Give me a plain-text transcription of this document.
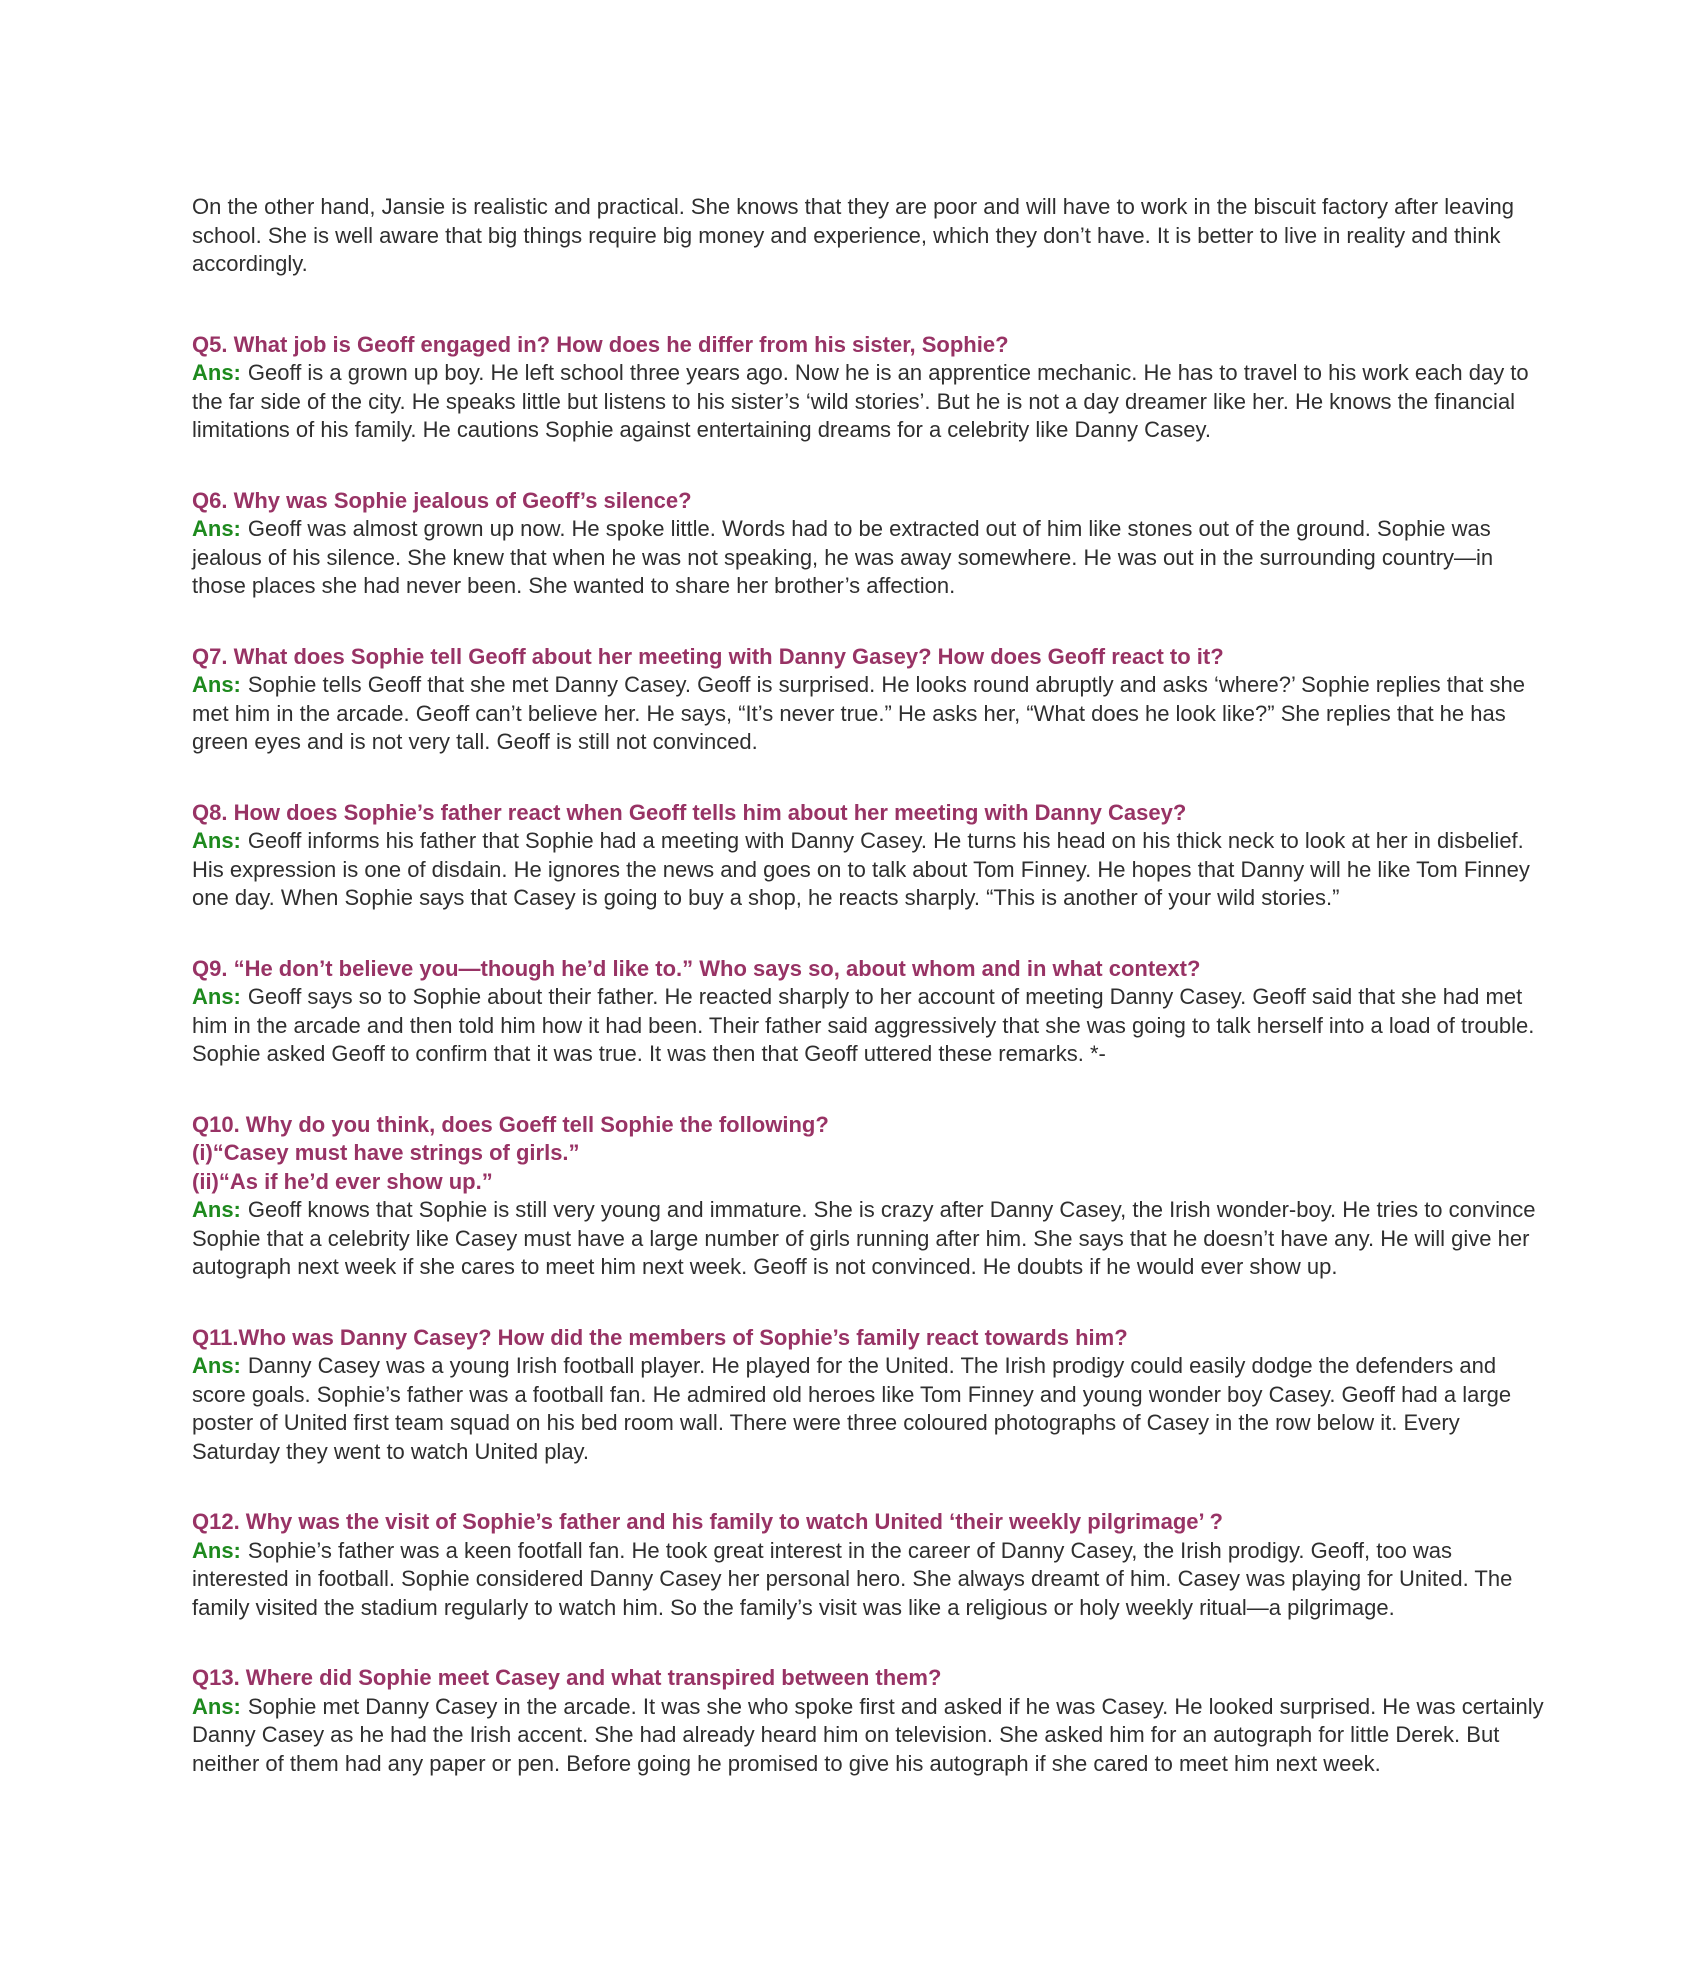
On the other hand, Jansie is realistic and practical. She knows that they are poor and will have to work in the biscuit factory after leaving school. She is well aware that big things require big money and experience, which they don’t have. It is better to live in reality and think accordingly.

Q5. What job is Geoff engaged in? How does he differ from his sister, Sophie?

Ans: Geoff is a grown up boy. He left school three years ago. Now he is an apprentice mechanic. He has to travel to his work each day to the far side of the city. He speaks little but listens to his sister’s ‘wild stories’. But he is not a day dreamer like her. He knows the financial limitations of his family. He cautions Sophie against entertaining dreams for a celebrity like Danny Casey.

Q6. Why was Sophie jealous of Geoff’s silence?

Ans: Geoff was almost grown up now. He spoke little. Words had to be extracted out of him like stones out of the ground. Sophie was jealous of his silence. She knew that when he was not speaking, he was away somewhere. He was out in the surrounding country—in those places she had never been. She wanted to share her brother’s affection.

Q7. What does Sophie tell Geoff about her meeting with Danny Gasey? How does Geoff react to it?

Ans: Sophie tells Geoff that she met Danny Casey. Geoff is surprised. He looks round abruptly and asks ‘where?’ Sophie replies that she met him in the arcade. Geoff can’t believe her. He says, “It’s never true.” He asks her, “What does he look like?” She replies that he has green eyes and is not very tall. Geoff is still not convinced.

Q8. How does Sophie’s father react when Geoff tells him about her meeting with Danny Casey?

Ans: Geoff informs his father that Sophie had a meeting with Danny Casey. He turns his head on his thick neck to look at her in disbelief. His expression is one of disdain. He ignores the news and goes on to talk about Tom Finney. He hopes that Danny will he like Tom Finney one day. When Sophie says that Casey is going to buy a shop, he reacts sharply. “This is another of your wild stories.”

Q9. “He don’t believe you—though he’d like to.” Who says so, about whom and in what context?

Ans: Geoff says so to Sophie about their father. He reacted sharply to her account of meeting Danny Casey. Geoff said that she had met him in the arcade and then told him how it had been. Their father said aggressively that she was going to talk herself into a load of trouble. Sophie asked Geoff to confirm that it was true. It was then that Geoff uttered these remarks. *-

Q10. Why do you think, does Goeff tell Sophie the following?
(i)“Casey must have strings of girls.”
(ii)“As if he’d ever show up.”

Ans: Geoff knows that Sophie is still very young and immature. She is crazy after Danny Casey, the Irish wonder-boy. He tries to convince Sophie that a celebrity like Casey must have a large number of girls running after him. She says that he doesn’t have any. He will give her autograph next week if she cares to meet him next week. Geoff is not convinced. He doubts if he would ever show up.

Q11.Who was Danny Casey? How did the members of Sophie’s family react towards him?

Ans: Danny Casey was a young Irish football player. He played for the United. The Irish prodigy could easily dodge the defenders and score goals. Sophie’s father was a football fan. He admired old heroes like Tom Finney and young wonder boy Casey. Geoff had a large poster of United first team squad on his bed room wall. There were three coloured photographs of Casey in the row below it. Every Saturday they went to watch United play.

Q12. Why was the visit of Sophie’s father and his family to watch United ‘their weekly pilgrimage’ ?

Ans: Sophie’s father was a keen footfall fan. He took great interest in the career of Danny Casey, the Irish prodigy. Geoff, too was interested in football. Sophie considered Danny Casey her personal hero. She always dreamt of him. Casey was playing for United. The family visited the stadium regularly to watch him. So the family’s visit was like a religious or holy weekly ritual—a pilgrimage.

Q13. Where did Sophie meet Casey and what transpired between them?

Ans: Sophie met Danny Casey in the arcade. It was she who spoke first and asked if he was Casey. He looked surprised. He was certainly Danny Casey as he had the Irish accent. She had already heard him on television. She asked him for an autograph for little Derek. But neither of them had any paper or pen. Before going he promised to give his autograph if she cared to meet him next week.
